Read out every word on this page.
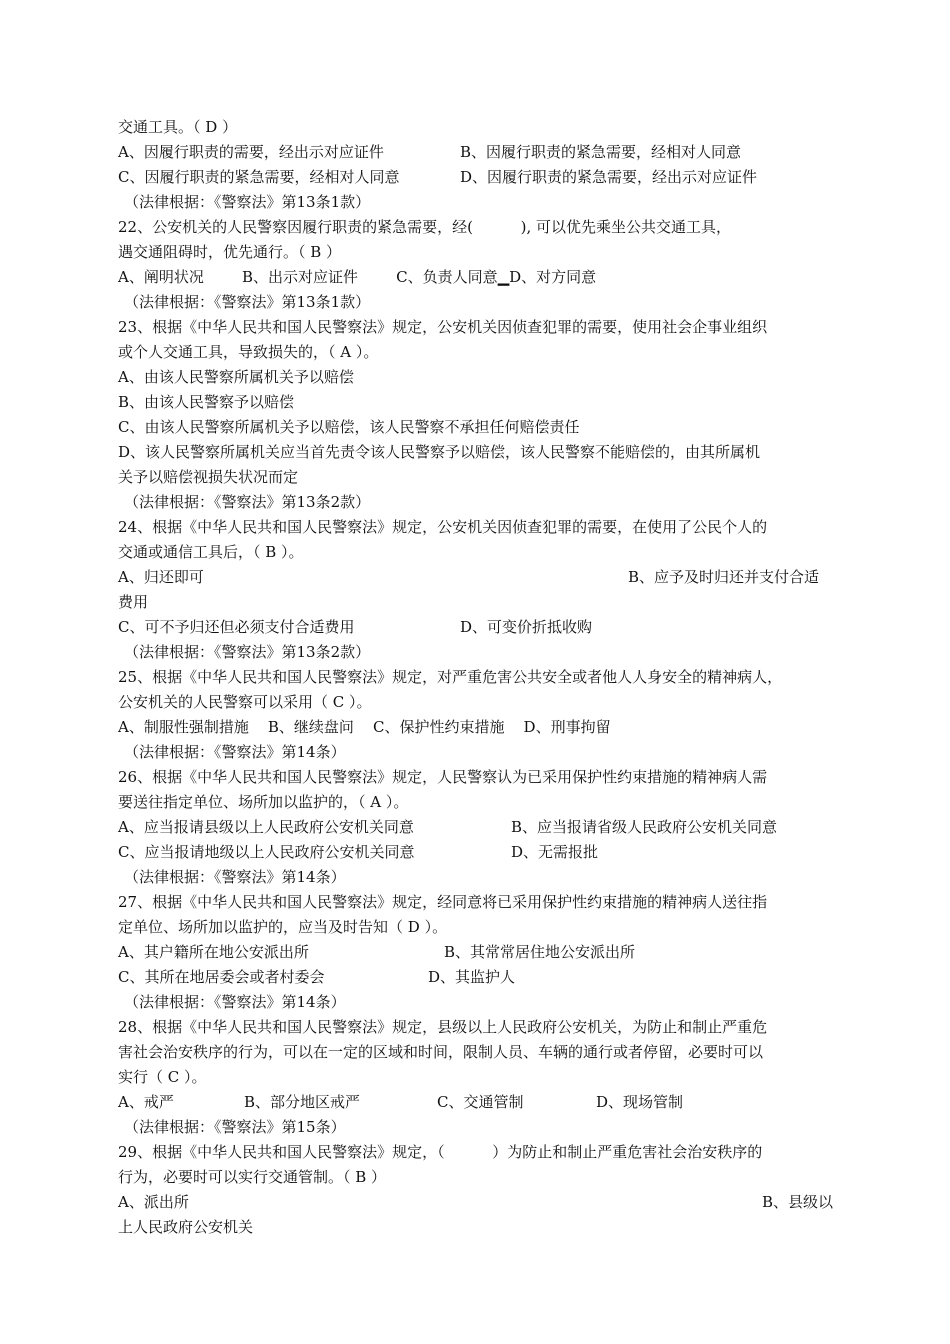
交通工具。（ D ）
A、因履行职责的需要，经出示对应证件	B、因履行职责的紧急需要，经相对人同意
C、因履行职责的紧急需要，经相对人同意	D、因履行职责的紧急需要，经出示对应证件
（法律根据：《警察法》第13条1款）
22、公安机关的人民警察因履行职责的紧急需要，经(          ), 可以优先乘坐公共交通工具，
遇交通阻碍时，优先通行。（ B ）
A、阐明状况        B、出示对应证件        C、负责人同意▁D、对方同意
（法律根据：《警察法》第13条1款）
23、根据《中华人民共和国人民警察法》规定，公安机关因侦查犯罪的需要，使用社会企事业组织
或个人交通工具，导致损失的，（ A ）。
A、由该人民警察所属机关予以赔偿
B、由该人民警察予以赔偿
C、由该人民警察所属机关予以赔偿，该人民警察不承担任何赔偿责任
D、该人民警察所属机关应当首先责令该人民警察予以赔偿，该人民警察不能赔偿的，由其所属机
关予以赔偿视损失状况而定
（法律根据：《警察法》第13条2款）
24、根据《中华人民共和国人民警察法》规定，公安机关因侦查犯罪的需要，在使用了公民个人的
交通或通信工具后，（ B ）。
A、归还即可	B、应予及时归还并支付合适
费用
C、可不予归还但必须支付合适费用	D、可变价折抵收购
（法律根据：《警察法》第13条2款）
25、根据《中华人民共和国人民警察法》规定，对严重危害公共安全或者他人人身安全的精神病人，
公安机关的人民警察可以采用（ C ）。
A、制服性强制措施    B、继续盘问    C、保护性约束措施    D、刑事拘留
（法律根据：《警察法》第14条）
26、根据《中华人民共和国人民警察法》规定，人民警察认为已采用保护性约束措施的精神病人需
要送往指定单位、场所加以监护的，（ A ）。
A、应当报请县级以上人民政府公安机关同意	B、应当报请省级人民政府公安机关同意
C、应当报请地级以上人民政府公安机关同意	D、无需报批
（法律根据：《警察法》第14条）
27、根据《中华人民共和国人民警察法》规定，经同意将已采用保护性约束措施的精神病人送往指
定单位、场所加以监护的，应当及时告知（ D ）。
A、其户籍所在地公安派出所	B、其常常居住地公安派出所
C、其所在地居委会或者村委会	D、其监护人
（法律根据：《警察法》第14条）
28、根据《中华人民共和国人民警察法》规定，县级以上人民政府公安机关，为防止和制止严重危
害社会治安秩序的行为，可以在一定的区域和时间，限制人员、车辆的通行或者停留，必要时可以
实行（ C ）。
A、戒严	B、部分地区戒严	C、交通管制	D、现场管制
（法律根据：《警察法》第15条）
29、根据《中华人民共和国人民警察法》规定，（          ）为防止和制止严重危害社会治安秩序的
行为，必要时可以实行交通管制。（ B ）
A、派出所	B、县级以
上人民政府公安机关
